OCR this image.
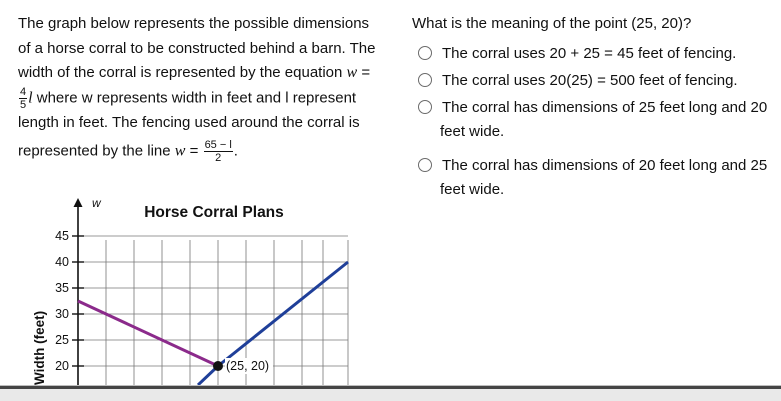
The graph below represents the possible dimensions
of a horse corral to be constructed behind a barn. The
width of the corral is represented by the equation w =
$\frac{4}{5}$ l where w represents width in feet and l represent
length in feet. The fencing used around the corral is
represented by the line $w = \frac{65 - l}{2}$ .
What is the meaning of the point (25, 20)?
The corral uses 20 + 25 = 45 feet of fencing.
The corral uses 20(25) = 500 feet of fencing.
The corral has dimensions of 25 feet long and 20
feet wide.
The corral has dimensions of 20 feet long and 25
feet wide.
w
Horse Corral Plans
45
40
35
30
25
20
Width (feet)	(25, 20)
